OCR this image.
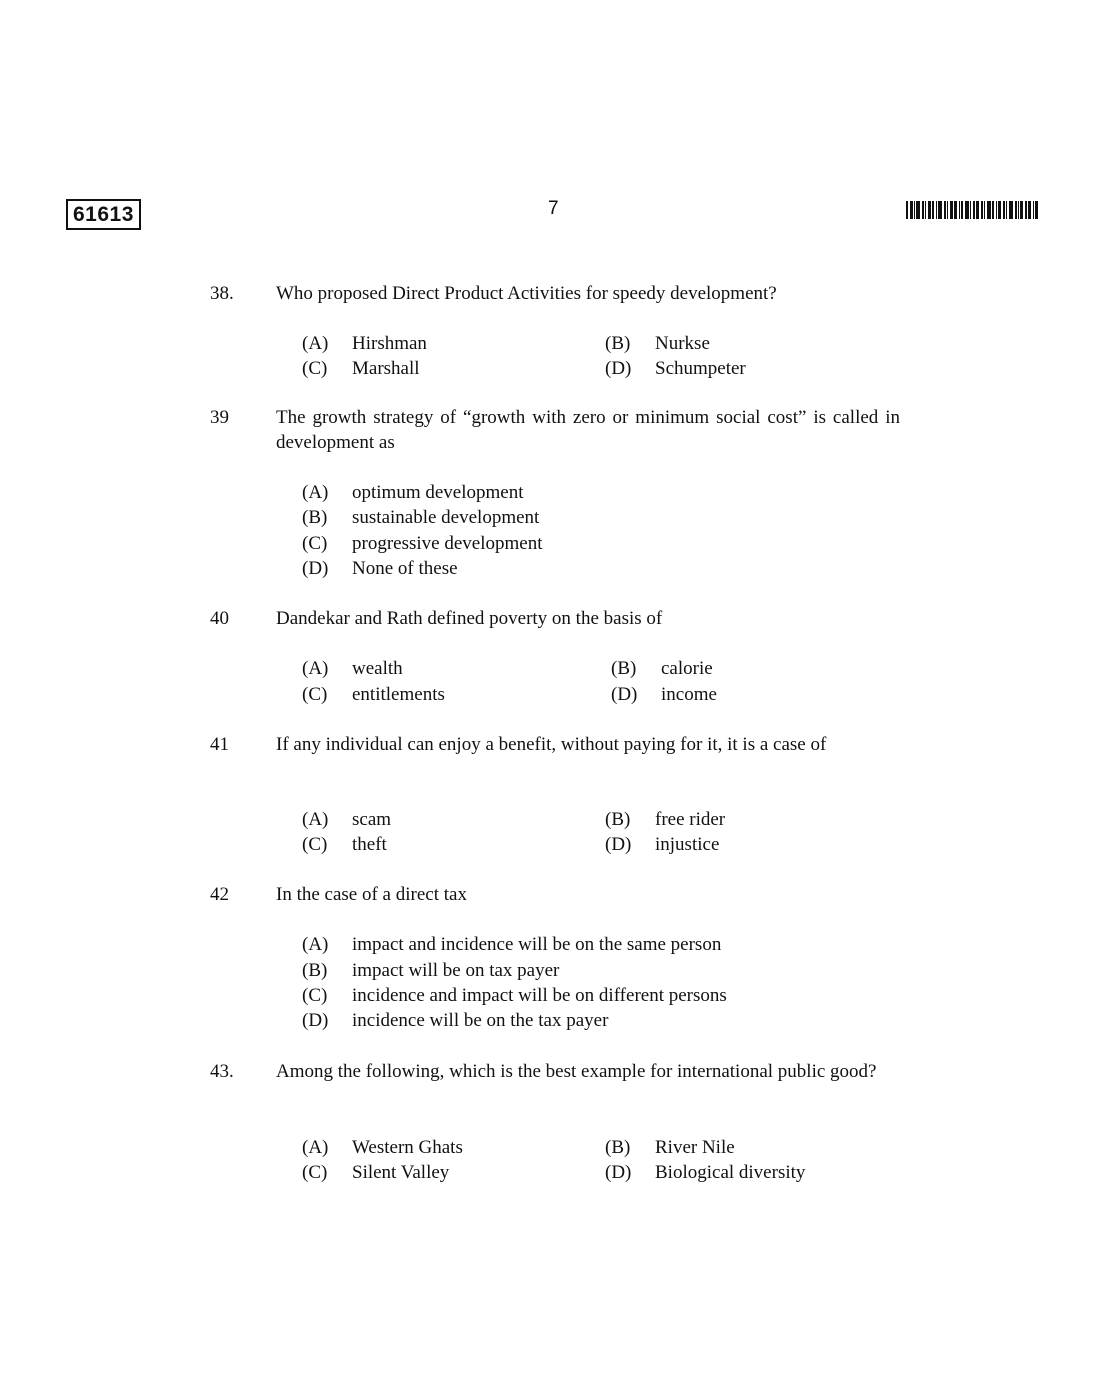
61613	7
38. Who proposed Direct Product Activities for speedy development?
(A) Hirshman	(B) Nurkse
(C) Marshall	(D) Schumpeter
39 The growth strategy of “growth with zero or minimum social cost” is called in development as
(A) optimum development
(B) sustainable development
(C) progressive development
(D) None of these
40 Dandekar and Rath defined poverty on the basis of
(A) wealth	(B) calorie
(C) entitlements	(D) income
41 If any individual can enjoy a benefit, without paying for it, it is a case of
(A) scam	(B) free rider
(C) theft	(D) injustice
42 In the case of a direct tax
(A) impact and incidence will be on the same person
(B) impact will be on tax payer
(C) incidence and impact will be on different persons
(D) incidence will be on the tax payer
43. Among the following, which is the best example for international public good?
(A) Western Ghats	(B) River Nile
(C) Silent Valley	(D) Biological diversity
